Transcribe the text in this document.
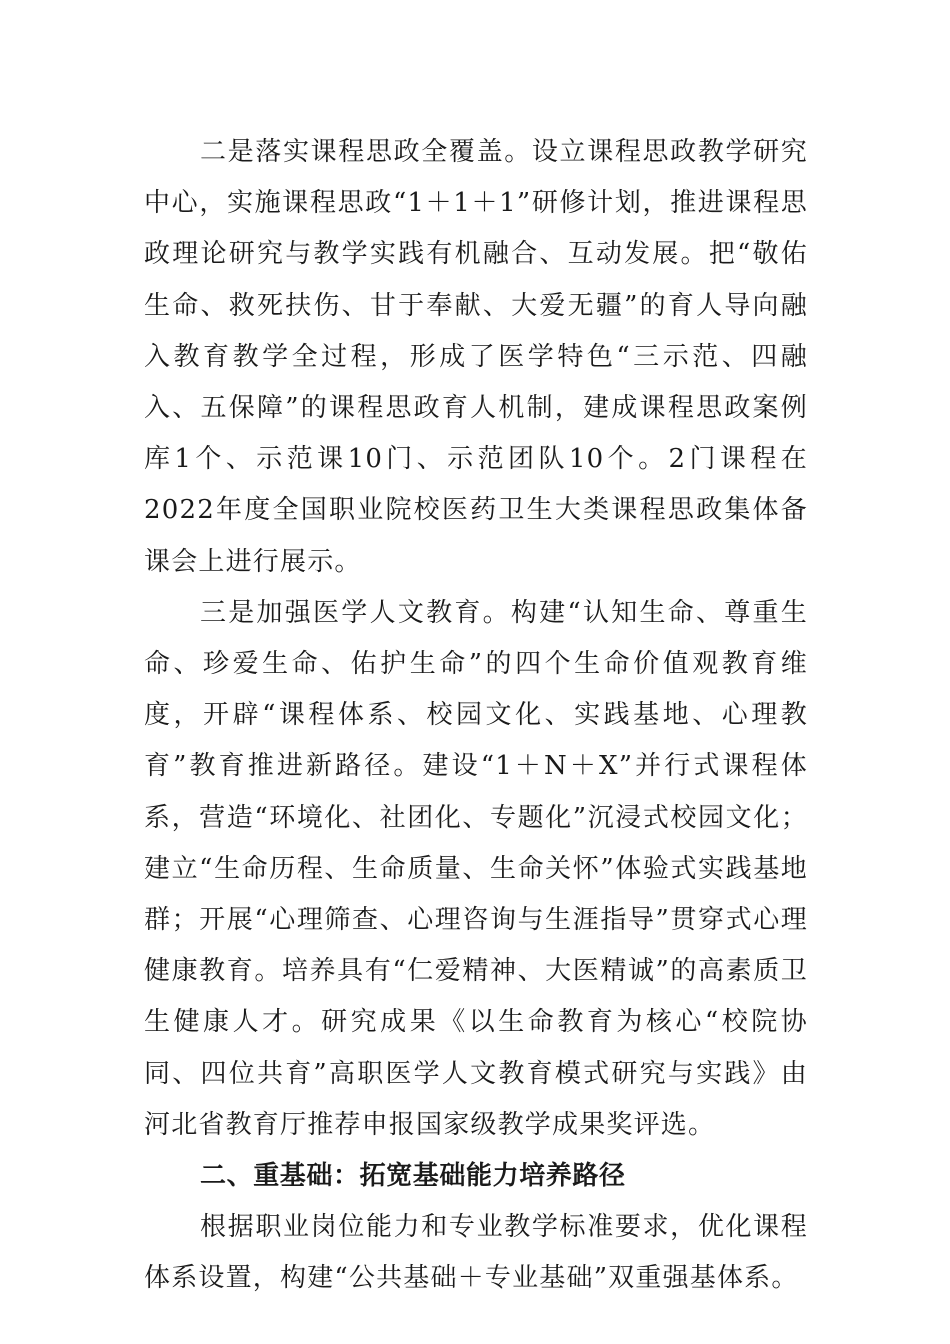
二是落实课程思政全覆盖。设立课程思政教学研究中心，实施课程思政“1＋1＋1”研修计划，推进课程思政理论研究与教学实践有机融合、互动发展。把“敬佑生命、救死扶伤、甘于奉献、大爱无疆”的育人导向融入教育教学全过程，形成了医学特色“三示范、四融入、五保障”的课程思政育人机制，建成课程思政案例库1个、示范课10门、示范团队10个。2门课程在2022年度全国职业院校医药卫生大类课程思政集体备课会上进行展示。

三是加强医学人文教育。构建“认知生命、尊重生命、珍爱生命、佑护生命”的四个生命价值观教育维度，开辟“课程体系、校园文化、实践基地、心理教育”教育推进新路径。建设“1＋N＋X”并行式课程体系，营造“环境化、社团化、专题化”沉浸式校园文化；建立“生命历程、生命质量、生命关怀”体验式实践基地群；开展“心理筛查、心理咨询与生涯指导”贯穿式心理健康教育。培养具有“仁爱精神、大医精诚”的高素质卫生健康人才。研究成果《以生命教育为核心“校院协同、四位共育”高职医学人文教育模式研究与实践》由河北省教育厅推荐申报国家级教学成果奖评选。

二、重基础：拓宽基础能力培养路径

根据职业岗位能力和专业教学标准要求，优化课程体系设置，构建“公共基础＋专业基础”双重强基体系。
